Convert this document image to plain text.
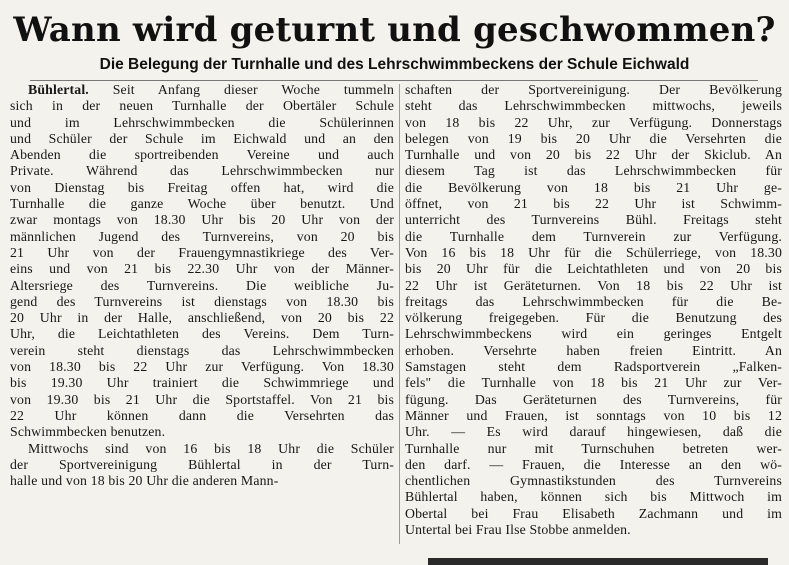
Wann wird geturnt und geschwommen?
Die Belegung der Turnhalle und des Lehrschwimmbeckens der Schule Eichwald
Bühlertal. Seit Anfang dieser Woche tummeln
sich in der neuen Turnhalle der Obertäler Schule
und im Lehrschwimmbecken die Schülerinnen
und Schüler der Schule im Eichwald und an den
Abenden die sportreibenden Vereine und auch
Private. Während das Lehrschwimmbecken nur
von Dienstag bis Freitag offen hat, wird die
Turnhalle die ganze Woche über benutzt. Und
zwar montags von 18.30 Uhr bis 20 Uhr von der
männlichen Jugend des Turnvereins, von 20 bis
21 Uhr von der Frauengymnastikriege des Ver-
eins und von 21 bis 22.30 Uhr von der Männer-
Altersriege des Turnvereins. Die weibliche Ju-
gend des Turnvereins ist dienstags von 18.30 bis
20 Uhr in der Halle, anschließend, von 20 bis 22
Uhr, die Leichtathleten des Vereins. Dem Turn-
verein steht dienstags das Lehrschwimmbecken
von 18.30 bis 22 Uhr zur Verfügung. Von 18.30
bis 19.30 Uhr trainiert die Schwimmriege und
von 19.30 bis 21 Uhr die Sportstaffel. Von 21 bis
22 Uhr können dann die Versehrten das
Schwimmbecken benutzen.
Mittwochs sind von 16 bis 18 Uhr die Schüler
der Sportvereinigung Bühlertal in der Turn-
halle und von 18 bis 20 Uhr die anderen Mann-
schaften der Sportvereinigung. Der Bevölkerung
steht das Lehrschwimmbecken mittwochs, jeweils
von 18 bis 22 Uhr, zur Verfügung. Donnerstags
belegen von 19 bis 20 Uhr die Versehrten die
Turnhalle und von 20 bis 22 Uhr der Skiclub. An
diesem Tag ist das Lehrschwimmbecken für
die Bevölkerung von 18 bis 21 Uhr ge-
öffnet, von 21 bis 22 Uhr ist Schwimm-
unterricht des Turnvereins Bühl. Freitags steht
die Turnhalle dem Turnverein zur Verfügung.
Von 16 bis 18 Uhr für die Schülerriege, von 18.30
bis 20 Uhr für die Leichtathleten und von 20 bis
22 Uhr ist Geräteturnen. Von 18 bis 22 Uhr ist
freitags das Lehrschwimmbecken für die Be-
völkerung freigegeben. Für die Benutzung des
Lehrschwimmbeckens wird ein geringes Entgelt
erhoben. Versehrte haben freien Eintritt. An
Samstagen steht dem Radsportverein „Falken-
fels" die Turnhalle von 18 bis 21 Uhr zur Ver-
fügung. Das Geräteturnen des Turnvereins, für
Männer und Frauen, ist sonntags von 10 bis 12
Uhr. — Es wird darauf hingewiesen, daß die
Turnhalle nur mit Turnschuhen betreten wer-
den darf. — Frauen, die Interesse an den wö-
chentlichen Gymnastikstunden des Turnvereins
Bühlertal haben, können sich bis Mittwoch im
Obertal bei Frau Elisabeth Zachmann und im
Untertal bei Frau Ilse Stobbe anmelden.
